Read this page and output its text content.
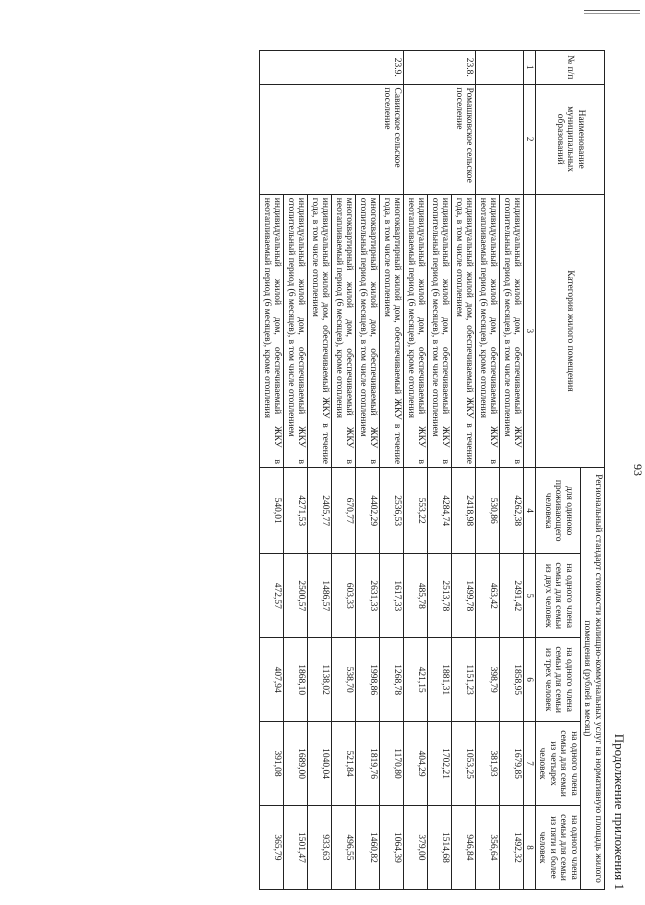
93
Продолжение приложения 1
№ п/п	Наименование муниципальных образований	Категория жилого помещения	Региональный стандарт стоимости жилищно-коммунальных услуг на нормативную площадь жилого помещения (рублей в месяц)				
			для одиноко проживающего человека	на одного члена семьи для семьи из двух человек	на одного члена семьи для семьи из трех человек	на одного члена семьи для семьи из четырех человек	на одного члена семьи для семьи из пяти и более человек
1	2	3	4	5	6	7	8
		индивидуальный жилой дом, обеспечиваемый ЖКУ в отопительный период (6 месяцев), в том числе отоплением	4262,38	2491,42	1858,95	1679,85	1492,32
		индивидуальный жилой дом, обеспечиваемый ЖКУ в неотапливаемый период (6 месяцев), кроме отопления	530,86	463,42	398,79	381,93	356,64
23.8.	Ромашковское сельское поселение	индивидуальный жилой дом, обеспечиваемый ЖКУ в течение года, в том числе отоплением	2418,98	1499,78	1151,23	1053,25	946,84
		индивидуальный жилой дом, обеспечиваемый ЖКУ в отопительный период (6 месяцев), в том числе отоплением	4284,74	2513,78	1881,31	1702,21	1514,68
		индивидуальный жилой дом, обеспечиваемый ЖКУ в неотапливаемый период (6 месяцев), кроме отопления	553,22	485,78	421,15	404,29	379,00
23.9.	Савинское сельское поселение	многоквартирный жилой дом, обеспечиваемый ЖКУ в течение года, в том числе отоплением	2536,53	1617,33	1268,78	1170,80	1064,39
		многоквартирный жилой дом, обеспечиваемый ЖКУ в отопительный период (6 месяцев), в том числе отоплением	4402,29	2631,33	1998,86	1819,76	1460,82
		многоквартирный жилой дом, обеспечиваемый ЖКУ в неотапливаемый период (6 месяцев), кроме отопления	670,77	603,33	538,70	521,84	496,55
		индивидуальный жилой дом, обеспечиваемый ЖКУ в течение года, в том числе отоплением	2405,77	1486,57	1138,02	1040,04	933,63
		индивидуальный жилой дом, обеспечиваемый ЖКУ в отопительный период (6 месяцев), в том числе отоплением	4271,53	2500,57	1868,10	1689,00	1501,47
		индивидуальный жилой дом, обеспечиваемый ЖКУ в неотапливаемый период (6 месяцев), кроме отопления	540,01	472,57	407,94	391,08	365,79
